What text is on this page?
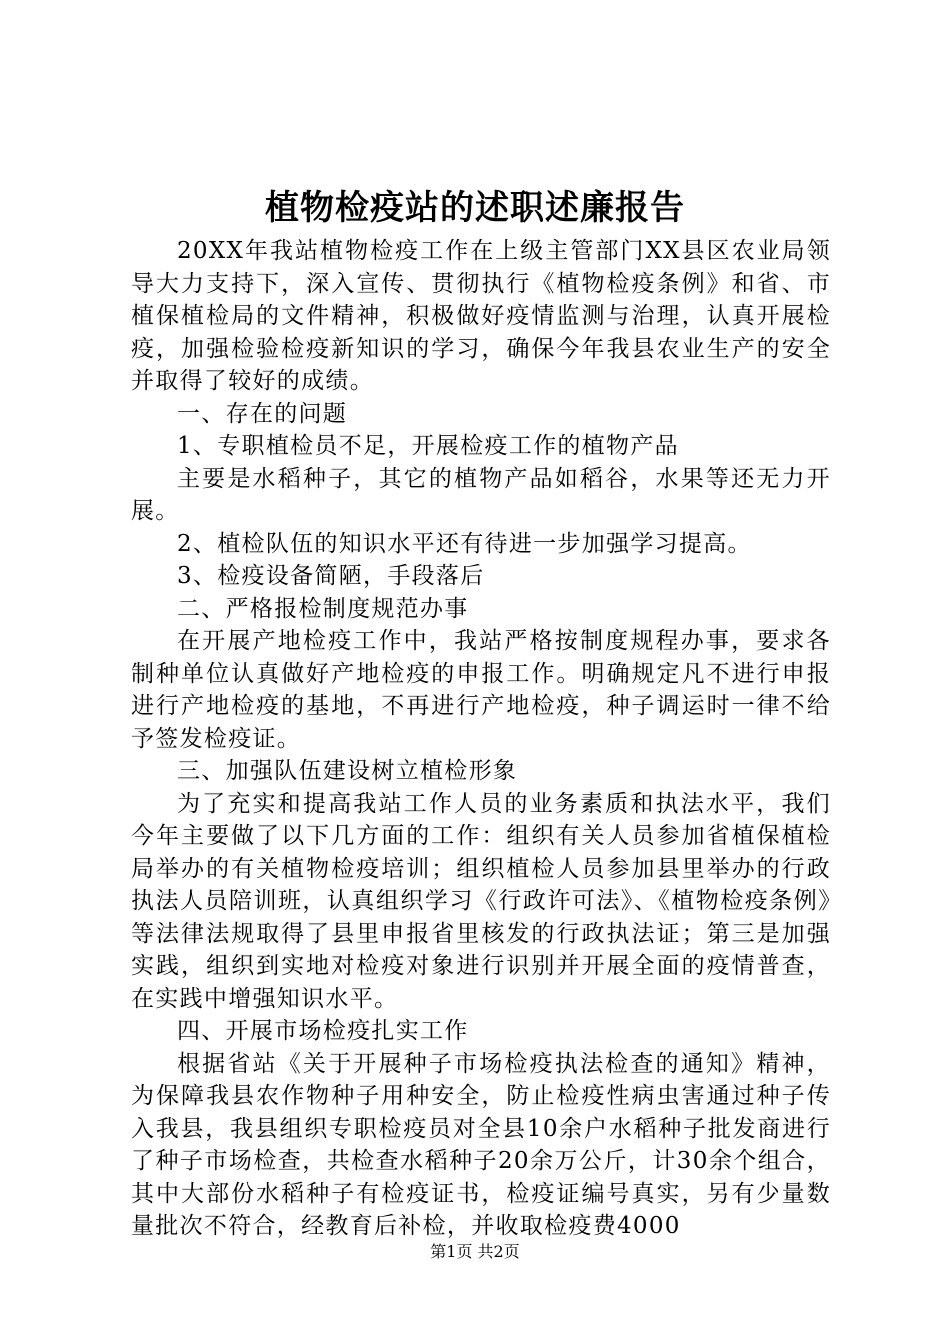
植物检疫站的述职述廉报告

20XX年我站植物检疫工作在上级主管部门XX县区农业局领导大力支持下，深入宣传、贯彻执行《植物检疫条例》和省、市植保植检局的文件精神，积极做好疫情监测与治理，认真开展检疫，加强检验检疫新知识的学习，确保今年我县农业生产的安全并取得了较好的成绩。

一、存在的问题

1、专职植检员不足，开展检疫工作的植物产品

主要是水稻种子，其它的植物产品如稻谷，水果等还无力开展。

2、植检队伍的知识水平还有待进一步加强学习提高。

3、检疫设备简陋，手段落后

二、严格报检制度规范办事

在开展产地检疫工作中，我站严格按制度规程办事，要求各制种单位认真做好产地检疫的申报工作。明确规定凡不进行申报进行产地检疫的基地，不再进行产地检疫，种子调运时一律不给予签发检疫证。

三、加强队伍建设树立植检形象

为了充实和提高我站工作人员的业务素质和执法水平，我们今年主要做了以下几方面的工作：组织有关人员参加省植保植检局举办的有关植物检疫培训；组织植检人员参加县里举办的行政执法人员陪训班，认真组织学习《行政许可法》、《植物检疫条例》等法律法规取得了县里申报省里核发的行政执法证；第三是加强实践，组织到实地对检疫对象进行识别并开展全面的疫情普查，在实践中增强知识水平。

四、开展市场检疫扎实工作

根据省站《关于开展种子市场检疫执法检查的通知》精神，为保障我县农作物种子用种安全，防止检疫性病虫害通过种子传入我县，我县组织专职检疫员对全县10余户水稻种子批发商进行了种子市场检查，共检查水稻种子20余万公斤，计30余个组合，其中大部份水稻种子有检疫证书，检疫证编号真实，另有少量数量批次不符合，经教育后补检，并收取检疫费4000

第1页 共2页
